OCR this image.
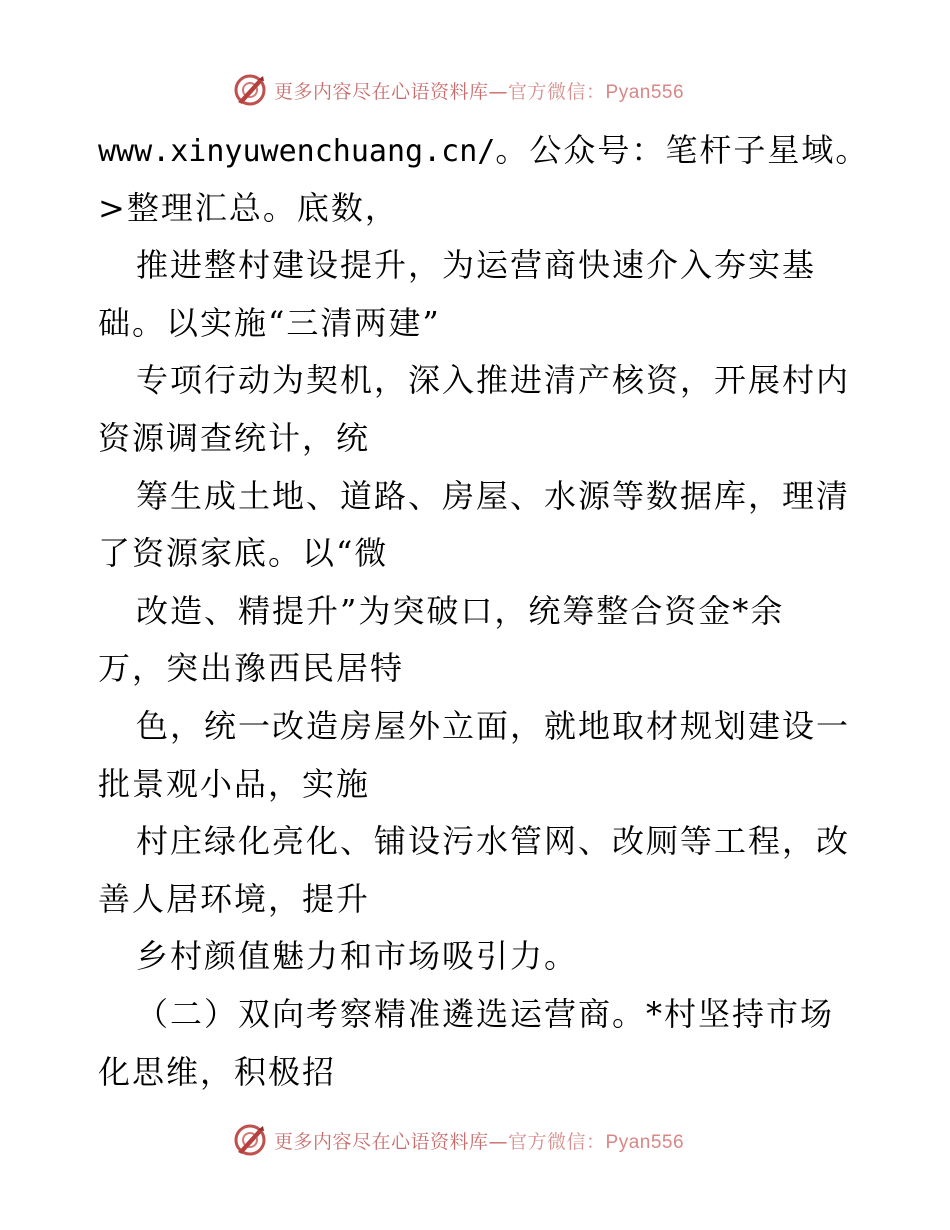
更多内容尽在心语资料库—官方微信：Pyan556
www.xinyuwenchuang.cn/。公众号：笔杆子星域。
>整理汇总。底数，
推进整村建设提升，为运营商快速介入夯实基
础。以实施“三清两建”
专项行动为契机，深入推进清产核资，开展村内
资源调查统计，统
筹生成土地、道路、房屋、水源等数据库，理清
了资源家底。以“微
改造、精提升”为突破口，统筹整合资金*余
万，突出豫西民居特
色，统一改造房屋外立面，就地取材规划建设一
批景观小品，实施
村庄绿化亮化、铺设污水管网、改厕等工程，改
善人居环境，提升
乡村颜值魅力和市场吸引力。
（二）双向考察精准遴选运营商。*村坚持市场
化思维，积极招
更多内容尽在心语资料库—官方微信：Pyan556
